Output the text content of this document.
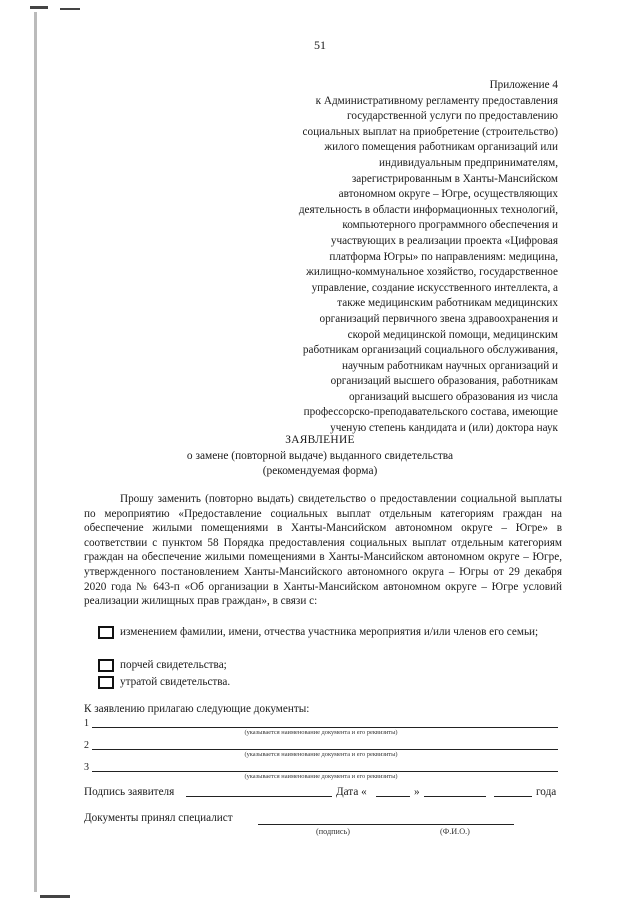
51
Приложение 4
к Административному регламенту предоставления
государственной услуги по предоставлению
социальных выплат на приобретение (строительство)
жилого помещения работникам организаций или
индивидуальным предпринимателям,
зарегистрированным в Ханты-Мансийском
автономном округе – Югре, осуществляющих
деятельность в области информационных технологий,
компьютерного программного обеспечения и
участвующих в реализации проекта «Цифровая
платформа Югры» по направлениям: медицина,
жилищно-коммунальное хозяйство, государственное
управление, создание искусственного интеллекта, а
также медицинским работникам медицинских
организаций первичного звена здравоохранения и
скорой медицинской помощи, медицинским
работникам организаций социального обслуживания,
научным работникам научных организаций и
организаций высшего образования, работникам
организаций высшего образования из числа
профессорско-преподавательского состава, имеющие
ученую степень кандидата и (или) доктора наук
ЗАЯВЛЕНИЕ
о замене (повторной выдаче) выданного свидетельства
(рекомендуемая форма)

Прошу заменить (повторно выдать) свидетельство о предоставлении социальной выплаты по мероприятию «Предоставление социальных выплат отдельным категориям граждан на обеспечение жилыми помещениями в Ханты-Мансийском автономном округе – Югре» в соответствии с пунктом 58 Порядка предоставления социальных выплат отдельным категориям граждан на обеспечение жилыми помещениями в Ханты-Мансийском автономном округе – Югре, утвержденного постановлением Ханты-Мансийского автономного округа – Югры от 29 декабря 2020 года № 643-п «Об организации в Ханты-Мансийском автономном округе – Югре условий реализации жилищных прав граждан», в связи с:

изменением фамилии, имени, отчества участника мероприятия и/или членов его семьи;
порчей свидетельства;
утратой свидетельства.
К заявлению прилагаю следующие документы:
1
(указывается наименование документа и его реквизиты)
2
(указывается наименование документа и его реквизиты)
3
(указывается наименование документа и его реквизиты)
Подпись заявителя	Дата «	»	года
Документы принял специалист
(подпись)	(Ф.И.О.)
